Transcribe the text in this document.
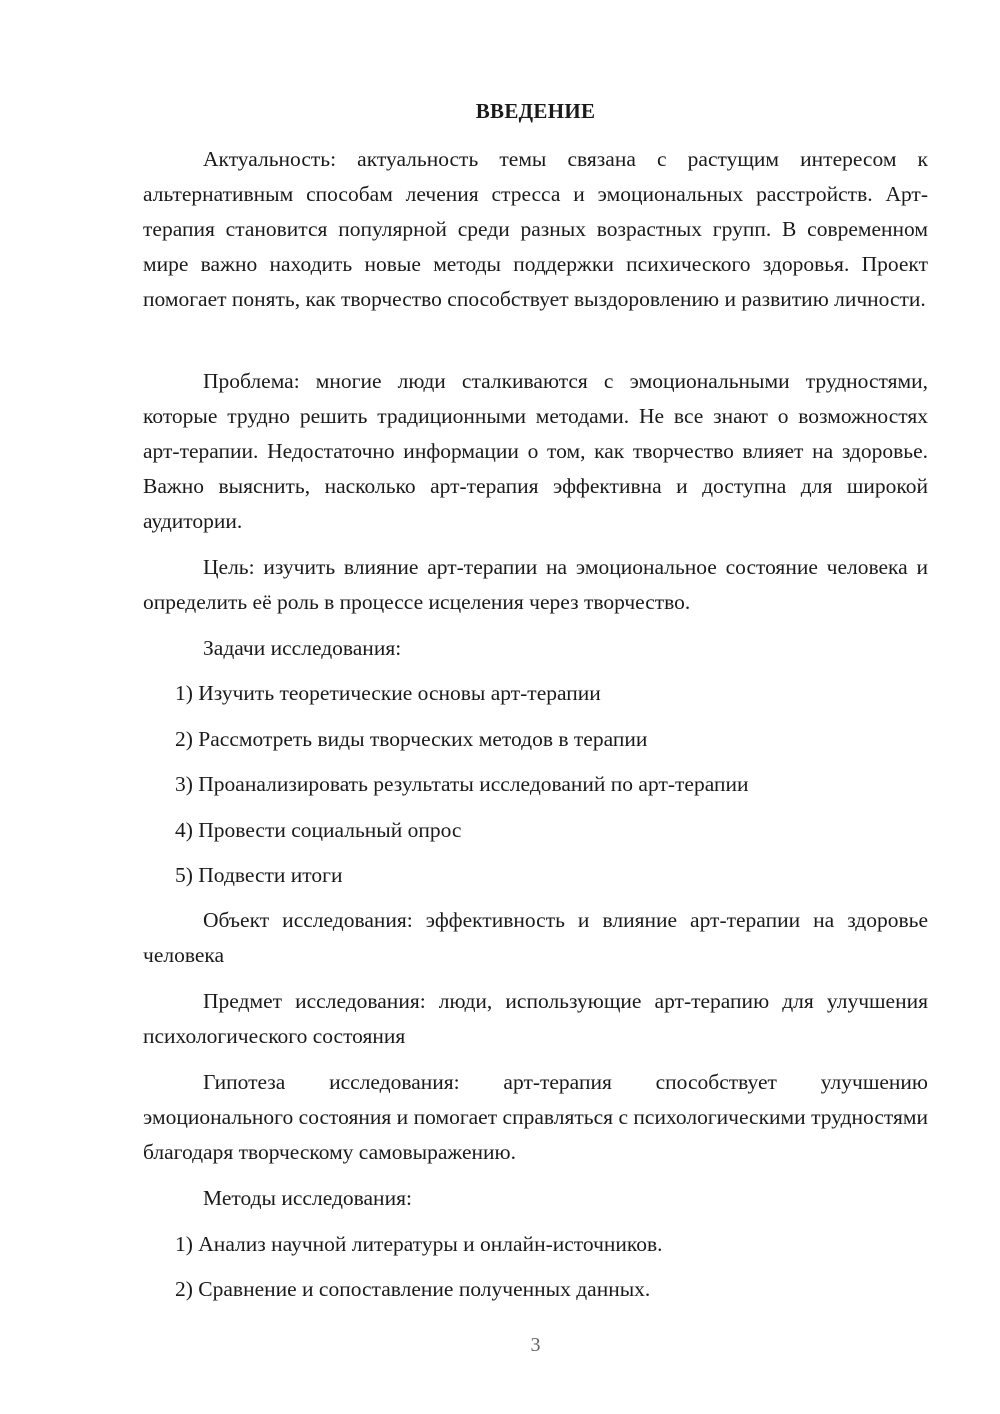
ВВЕДЕНИЕ

Актуальность: актуальность темы связана с растущим интересом к альтернативным способам лечения стресса и эмоциональных расстройств. Арт-терапия становится популярной среди разных возрастных групп. В современном мире важно находить новые методы поддержки психического здоровья. Проект помогает понять, как творчество способствует выздоровлению и развитию личности.

Проблема: многие люди сталкиваются с эмоциональными трудностями, которые трудно решить традиционными методами. Не все знают о возможностях арт-терапии. Недостаточно информации о том, как творчество влияет на здоровье. Важно выяснить, насколько арт-терапия эффективна и доступна для широкой аудитории.

Цель: изучить влияние арт-терапии на эмоциональное состояние человека и определить её роль в процессе исцеления через творчество.

Задачи исследования:

1) Изучить теоретические основы арт-терапии

2) Рассмотреть виды творческих методов в терапии

3) Проанализировать результаты исследований по арт-терапии

4) Провести социальный опрос

5) Подвести итоги

Объект исследования: эффективность и влияние арт-терапии на здоровье человека

Предмет исследования: люди, использующие арт-терапию для улучшения психологического состояния

Гипотеза исследования: арт-терапия способствует улучшению эмоционального состояния и помогает справляться с психологическими трудностями благодаря творческому самовыражению.

Методы исследования:

1) Анализ научной литературы и онлайн-источников.

2) Сравнение и сопоставление полученных данных.

3
